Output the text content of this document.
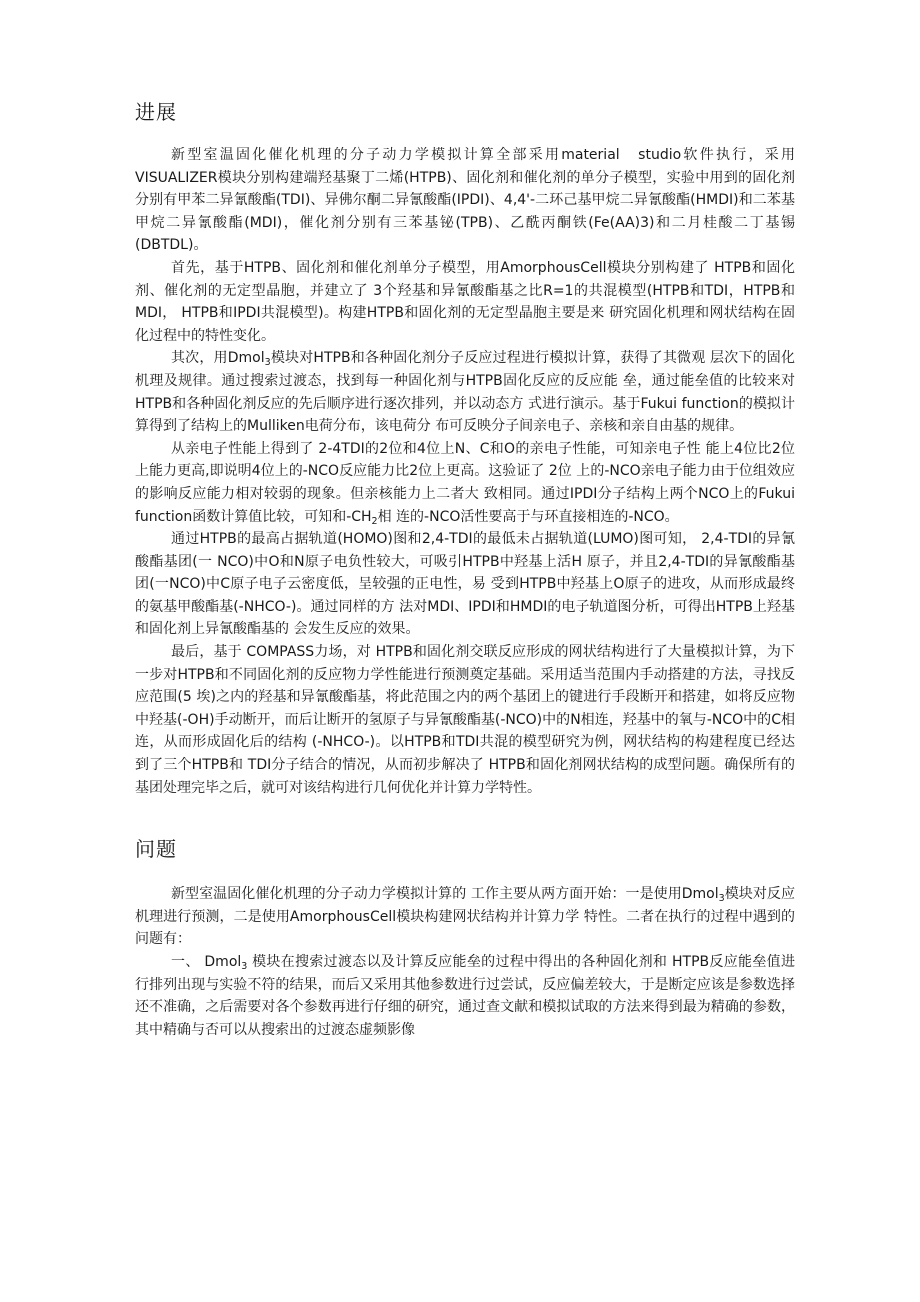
进展

新型室温固化催化机理的分子动力学模拟计算全部采用material　studio软件执行，采用VISUALIZER模块分别构建端羟基聚丁二烯(HTPB)、固化剂和催化剂的单分子模型，实验中用到的固化剂分别有甲苯二异氰酸酯(TDI)、异佛尔酮二异氰酸酯(IPDI)、4,4'-二环己基甲烷二异氰酸酯(HMDI)和二苯基甲烷二异氰酸酯(MDI)，催化剂分别有三苯基铋(TPB)、乙酰丙酮铁(Fe(AA)3)和二月桂酸二丁基锡(DBTDL)。

首先，基于HTPB、固化剂和催化剂单分子模型，用AmorphousCell模块分别构建了 HTPB和固化剂、催化剂的无定型晶胞，并建立了 3个羟基和异氰酸酯基之比R=1的共混模型(HTPB和TDI，HTPB和MDI， HTPB和IPDI共混模型)。构建HTPB和固化剂的无定型晶胞主要是来 研究固化机理和网状结构在固化过程中的特性变化。

其次，用Dmol$_3$模块对HTPB和各种固化剂分子反应过程进行模拟计算，获得了其微观 层次下的固化机理及规律。通过搜索过渡态，找到每一种固化剂与HTPB固化反应的反应能 垒，通过能垒值的比较来对HTPB和各种固化剂反应的先后顺序进行逐次排列，并以动态方 式进行演示。基于Fukui function的模拟计算得到了结构上的Mulliken电荷分布，该电荷分 布可反映分子间亲电子、亲核和亲自由基的规律。

从亲电子性能上得到了 2-4TDI的2位和4位上N、C和O的亲电子性能，可知亲电子性 能上4位比2位上能力更高,即说明4位上的-NCO反应能力比2位上更高。这验证了 2位 上的-NCO亲电子能力由于位组效应的影响反应能力相对较弱的现象。但亲核能力上二者大 致相同。通过IPDI分子结构上两个NCO上的Fukui function函数计算值比较，可知和$-CH_2$相 连的-NCO活性要高于与环直接相连的-NCO。

通过HTPB的最高占据轨道(HOMO)图和2,4-TDI的最低未占据轨道(LUMO)图可知， 2,4-TDI的异氰酸酯基团(一 NCO)中O和N原子电负性较大，可吸引HTPB中羟基上活H 原子，并且2,4-TDI的异氰酸酯基团(一NCO)中C原子电子云密度低，呈较强的正电性，易 受到HTPB中羟基上O原子的进攻，从而形成最终的氨基甲酸酯基(-NHCO-)。通过同样的方 法对MDI、IPDI和HMDI的电子轨道图分析，可得出HTPB上羟基和固化剂上异氰酸酯基的 会发生反应的效果。

最后，基于 COMPASS力场，对 HTPB和固化剂交联反应形成的网状结构进行了大量模拟计算，为下一步对HTPB和不同固化剂的反应物力学性能进行预测奠定基础。采用适当范围内手动搭建的方法，寻找反应范围(5 埃)之内的羟基和异氰酸酯基，将此范围之内的两个基团上的键进行手段断开和搭建，如将反应物中羟基(-OH)手动断开，而后让断开的氢原子与异氰酸酯基(-NCO)中的N相连，羟基中的氧与-NCO中的C相连，从而形成固化后的结构 (-NHCO-)。以HTPB和TDI共混的模型研究为例，网状结构的构建程度已经达到了三个HTPB和 TDI分子结合的情况，从而初步解决了 HTPB和固化剂网状结构的成型问题。确保所有的 基团处理完毕之后，就可对该结构进行几何优化并计算力学特性。

问题

新型室温固化催化机理的分子动力学模拟计算的 工作主要从两方面开始：一是使用Dmol$_3$模块对反应机理进行预测，二是使用AmorphousCell模块构建网状结构并计算力学 特性。二者在执行的过程中遇到的问题有：

一、 Dmol$_3$ 模块在搜索过渡态以及计算反应能垒的过程中得出的各种固化剂和 HTPB反应能垒值进行排列出现与实验不符的结果，而后又采用其他参数进行过尝试，反应偏差较大，于是断定应该是参数选择还不准确，之后需要对各个参数再进行仔细的研究，通过查文献和模拟试取的方法来得到最为精确的参数，其中精确与否可以从搜索出的过渡态虚频影像
